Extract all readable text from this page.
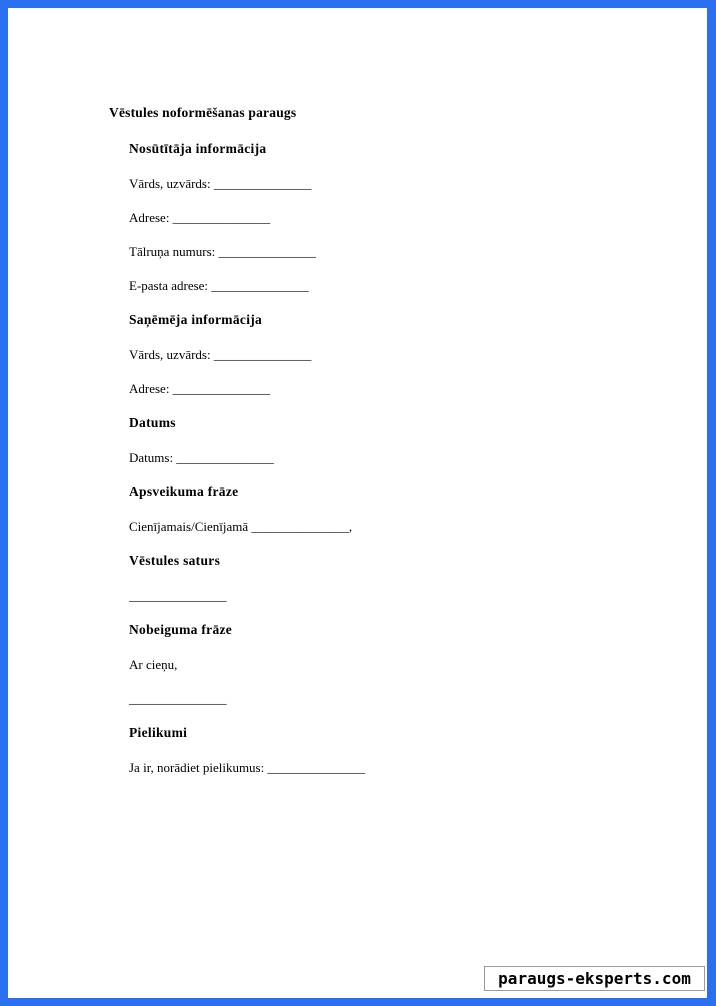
Vēstules noformēšanas paraugs
Nosūtītāja informācija
Vārds, uzvārds: _______________
Adrese: _______________
Tālruņa numurs: _______________
E-pasta adrese: _______________
Saņēmēja informācija
Vārds, uzvārds: _______________
Adrese: _______________
Datums
Datums: _______________
Apsveikuma frāze
Cienījamais/Cienījamā _______________,
Vēstules saturs
_______________
Nobeiguma frāze
Ar cieņu,
_______________
Pielikumi
Ja ir, norādiet pielikumus: _______________
paraugs-eksperts.com
